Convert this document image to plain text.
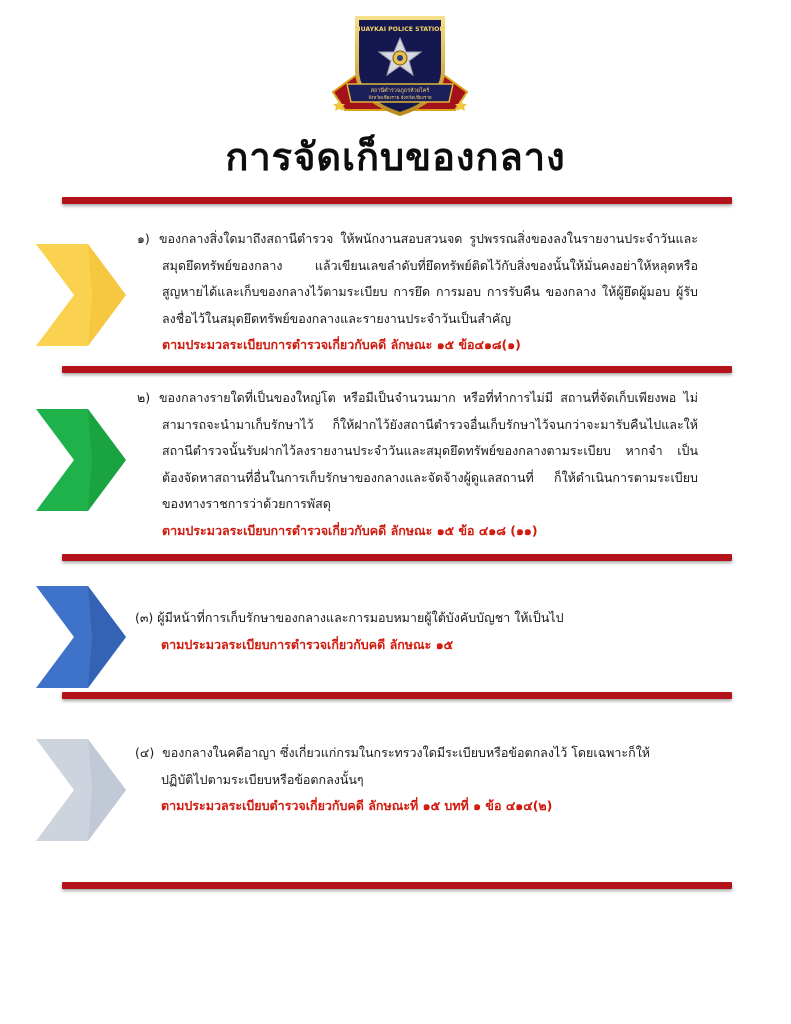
HUAYKAI POLICE STATION
สถานีตำรวจภูธรห้วยไคร้
จังหวัดเชียงราย จังหวัดเชียงราย
การจัดเก็บของกลาง
๑) ของกลางสิ่งใดมาถึงสถานีตำรวจ ให้พนักงานสอบสวนจด รูปพรรณสิ่งของลงในรายงานประจำวันและสมุดยึดทรัพย์ของกลาง แล้วเขียนเลขลำดับที่ยึดทรัพย์ติดไว้กับสิ่งของนั้นให้มั่นคงอย่าให้หลุดหรือสูญหายได้และเก็บของกลางไว้ตามระเบียบ การยึด การมอบ การรับคืน ของกลาง ให้ผู้ยึดผู้มอบ ผู้รับ ลงชื่อไว้ในสมุดยึดทรัพย์ของกลางและรายงานประจำวันเป็นสำคัญ
ตามประมวลระเบียบการตำรวจเกี่ยวกับคดี ลักษณะ ๑๕ ข้อ๔๑๘(๑)
๒) ของกลางรายใดที่เป็นของใหญ่โต หรือมีเป็นจำนวนมาก หรือที่ทำการไม่มี สถานที่จัดเก็บเพียงพอ ไม่สามารถจะนำมาเก็บรักษาไว้ ก็ให้ฝากไว้ยังสถานีตำรวจอื่นเก็บรักษาไว้จนกว่าจะมารับคืนไปและให้สถานีตำรวจนั้นรับฝากไว้ลงรายงานประจำวันและสมุดยึดทรัพย์ของกลางตามระเบียบ หากจำ เป็นต้องจัดหาสถานที่อื่นในการเก็บรักษาของกลางและจัดจ้างผู้ดูแลสถานที่ ก็ให้ดำเนินการตามระเบียบของทางราชการว่าด้วยการพัสดุ
ตามประมวลระเบียบการตำรวจเกี่ยวกับคดี ลักษณะ ๑๕ ข้อ ๔๑๘ (๑๑)
(๓) ผู้มีหน้าที่การเก็บรักษาของกลางและการมอบหมายผู้ใต้บังคับบัญชา ให้เป็นไป
ตามประมวลระเบียบการตำรวจเกี่ยวกับคดี ลักษณะ ๑๕
(๔) ของกลางในคดีอาญา ซึ่งเกี่ยวแก่กรมในกระทรวงใดมีระเบียบหรือข้อตกลงไว้ โดยเฉพาะก็ให้ปฏิบัติไปตามระเบียบหรือข้อตกลงนั้นๆ
ตามประมวลระเบียบตำรวจเกี่ยวกับคดี ลักษณะที่ ๑๕ บทที่ ๑ ข้อ ๔๑๔(๒)
